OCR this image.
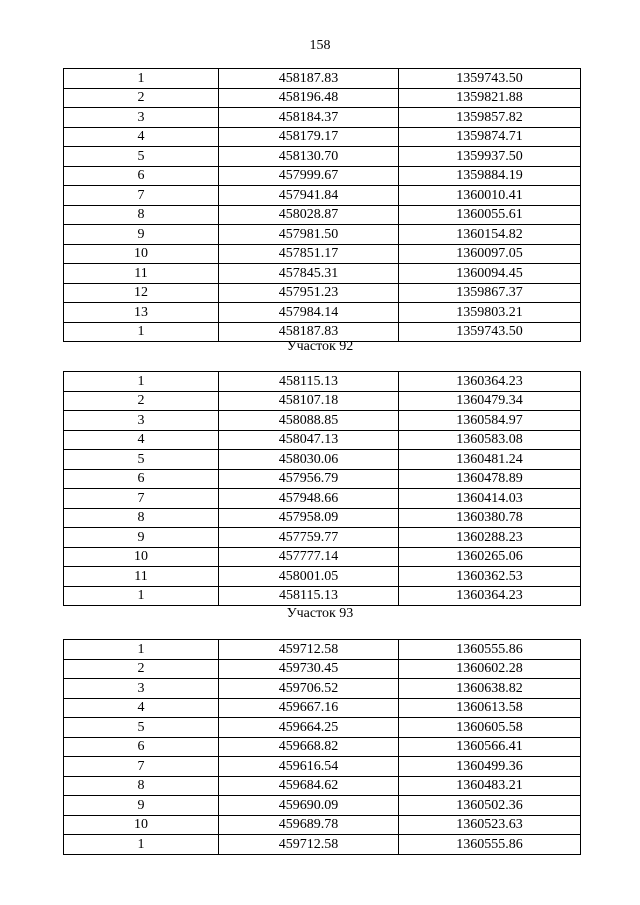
158
1	458187.83	1359743.50
2	458196.48	1359821.88
3	458184.37	1359857.82
4	458179.17	1359874.71
5	458130.70	1359937.50
6	457999.67	1359884.19
7	457941.84	1360010.41
8	458028.87	1360055.61
9	457981.50	1360154.82
10	457851.17	1360097.05
11	457845.31	1360094.45
12	457951.23	1359867.37
13	457984.14	1359803.21
1	458187.83	1359743.50
Участок 92
1	458115.13	1360364.23
2	458107.18	1360479.34
3	458088.85	1360584.97
4	458047.13	1360583.08
5	458030.06	1360481.24
6	457956.79	1360478.89
7	457948.66	1360414.03
8	457958.09	1360380.78
9	457759.77	1360288.23
10	457777.14	1360265.06
11	458001.05	1360362.53
1	458115.13	1360364.23
Участок 93
1	459712.58	1360555.86
2	459730.45	1360602.28
3	459706.52	1360638.82
4	459667.16	1360613.58
5	459664.25	1360605.58
6	459668.82	1360566.41
7	459616.54	1360499.36
8	459684.62	1360483.21
9	459690.09	1360502.36
10	459689.78	1360523.63
1	459712.58	1360555.86
